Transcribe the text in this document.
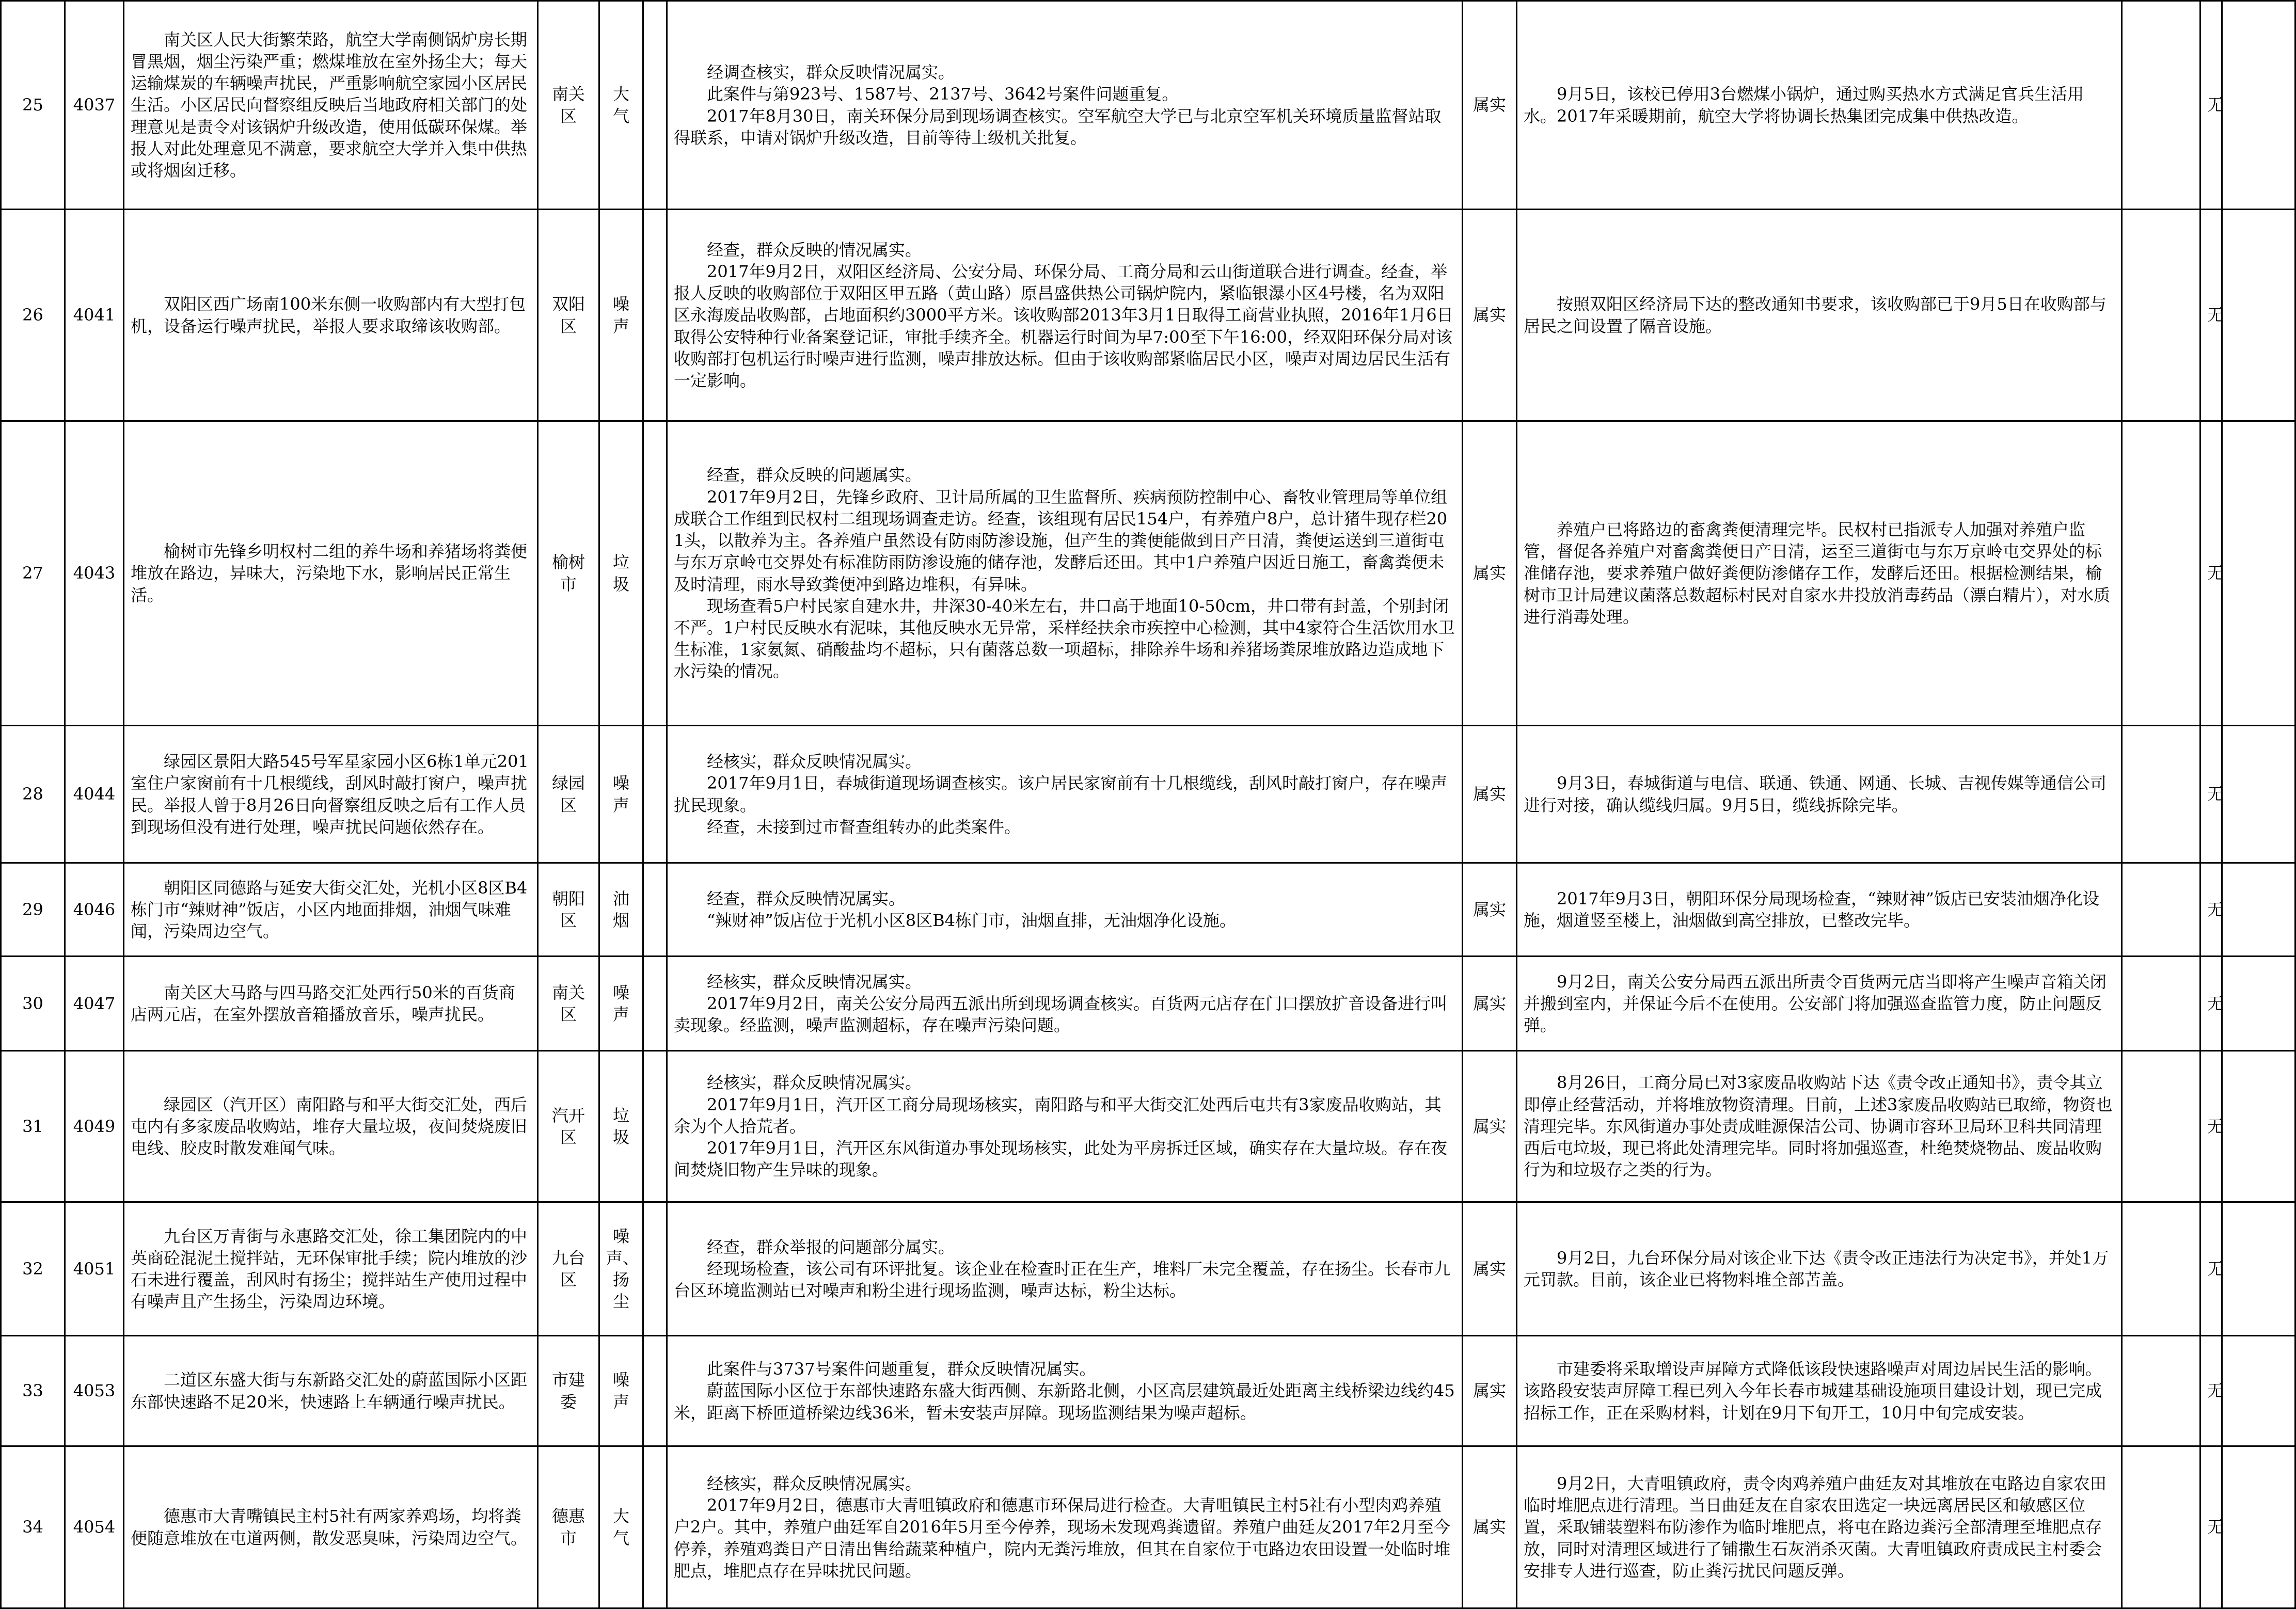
25	4037	南关区人民大街繁荣路，航空大学南侧锅炉房长期冒黑烟，烟尘污染严重；燃煤堆放在室外扬尘大；每天运输煤炭的车辆噪声扰民，严重影响航空家园小区居民生活。小区居民向督察组反映后当地政府相关部门的处理意见是责令对该锅炉升级改造，使用低碳环保煤。举报人对此处理意见不满意，要求航空大学并入集中供热或将烟囱迁移。	南关区	大气		经调查核实，群众反映情况属实。
此案件与第923号、1587号、2137号、3642号案件问题重复。
2017年8月30日，南关环保分局到现场调查核实。空军航空大学已与北京空军机关环境质量监督站取得联系，申请对锅炉升级改造，目前等待上级机关批复。	属实	9月5日，该校已停用3台燃煤小锅炉，通过购买热水方式满足官兵生活用水。2017年采暖期前，航空大学将协调长热集团完成集中供热改造。		无	
26	4041	双阳区西广场南100米东侧一收购部内有大型打包机，设备运行噪声扰民，举报人要求取缔该收购部。	双阳区	噪声		经查，群众反映的情况属实。
2017年9月2日，双阳区经济局、公安分局、环保分局、工商分局和云山街道联合进行调查。经查，举报人反映的收购部位于双阳区甲五路（黄山路）原昌盛供热公司锅炉院内，紧临银瀑小区4号楼，名为双阳区永海废品收购部，占地面积约3000平方米。该收购部2013年3月1日取得工商营业执照，2016年1月6日取得公安特种行业备案登记证，审批手续齐全。机器运行时间为早7:00至下午16:00，经双阳环保分局对该收购部打包机运行时噪声进行监测，噪声排放达标。但由于该收购部紧临居民小区，噪声对周边居民生活有一定影响。	属实	按照双阳区经济局下达的整改通知书要求，该收购部已于9月5日在收购部与居民之间设置了隔音设施。		无	
27	4043	榆树市先锋乡明权村二组的养牛场和养猪场将粪便堆放在路边，异味大，污染地下水，影响居民正常生活。	榆树市	垃圾		经查，群众反映的问题属实。
2017年9月2日，先锋乡政府、卫计局所属的卫生监督所、疾病预防控制中心、畜牧业管理局等单位组成联合工作组到民权村二组现场调查走访。经查，该组现有居民154户，有养殖户8户，总计猪牛现存栏201头，以散养为主。各养殖户虽然设有防雨防渗设施，但产生的粪便能做到日产日清，粪便运送到三道街屯与东万京岭屯交界处有标准防雨防渗设施的储存池，发酵后还田。其中1户养殖户因近日施工，畜禽粪便未及时清理，雨水导致粪便冲到路边堆积，有异味。
现场查看5户村民家自建水井，井深30-40米左右，井口高于地面10-50cm，井口带有封盖，个别封闭不严。1户村民反映水有泥味，其他反映水无异常，采样经扶余市疾控中心检测，其中4家符合生活饮用水卫生标准，1家氨氮、硝酸盐均不超标，只有菌落总数一项超标，排除养牛场和养猪场粪尿堆放路边造成地下水污染的情况。	属实	养殖户已将路边的畜禽粪便清理完毕。民权村已指派专人加强对养殖户监管，督促各养殖户对畜禽粪便日产日清，运至三道街屯与东万京岭屯交界处的标准储存池，要求养殖户做好粪便防渗储存工作，发酵后还田。根据检测结果，榆树市卫计局建议菌落总数超标村民对自家水井投放消毒药品（漂白精片），对水质进行消毒处理。		无	
28	4044	绿园区景阳大路545号军星家园小区6栋1单元201室住户家窗前有十几根缆线，刮风时敲打窗户，噪声扰民。举报人曾于8月26日向督察组反映之后有工作人员到现场但没有进行处理，噪声扰民问题依然存在。	绿园区	噪声		经核实，群众反映情况属实。
2017年9月1日，春城街道现场调查核实。该户居民家窗前有十几根缆线，刮风时敲打窗户，存在噪声扰民现象。
经查，未接到过市督查组转办的此类案件。	属实	9月3日，春城街道与电信、联通、铁通、网通、长城、吉视传媒等通信公司进行对接，确认缆线归属。9月5日，缆线拆除完毕。		无	
29	4046	朝阳区同德路与延安大街交汇处，光机小区8区B4栋门市“辣财神”饭店，小区内地面排烟，油烟气味难闻，污染周边空气。	朝阳区	油烟		经查，群众反映情况属实。
“辣财神”饭店位于光机小区8区B4栋门市，油烟直排，无油烟净化设施。	属实	2017年9月3日，朝阳环保分局现场检查，“辣财神”饭店已安装油烟净化设施，烟道竖至楼上，油烟做到高空排放，已整改完毕。		无	
30	4047	南关区大马路与四马路交汇处西行50米的百货商店两元店，在室外摆放音箱播放音乐，噪声扰民。	南关区	噪声		经核实，群众反映情况属实。
2017年9月2日，南关公安分局西五派出所到现场调查核实。百货两元店存在门口摆放扩音设备进行叫卖现象。经监测，噪声监测超标，存在噪声污染问题。	属实	9月2日，南关公安分局西五派出所责令百货两元店当即将产生噪声音箱关闭并搬到室内，并保证今后不在使用。公安部门将加强巡查监管力度，防止问题反弹。		无	
31	4049	绿园区（汽开区）南阳路与和平大街交汇处，西后屯内有多家废品收购站，堆存大量垃圾，夜间焚烧废旧电线、胶皮时散发难闻气味。	汽开区	垃圾		经核实，群众反映情况属实。
2017年9月1日，汽开区工商分局现场核实，南阳路与和平大街交汇处西后屯共有3家废品收购站，其余为个人拾荒者。
2017年9月1日，汽开区东风街道办事处现场核实，此处为平房拆迁区域，确实存在大量垃圾。存在夜间焚烧旧物产生异味的现象。	属实	8月26日，工商分局已对3家废品收购站下达《责令改正通知书》，责令其立即停止经营活动，并将堆放物资清理。目前，上述3家废品收购站已取缔，物资也清理完毕。东风街道办事处责成畦源保洁公司、协调市容环卫局环卫科共同清理西后屯垃圾，现已将此处清理完毕。同时将加强巡查，杜绝焚烧物品、废品收购行为和垃圾存之类的行为。		无	
32	4051	九台区万青街与永惠路交汇处，徐工集团院内的中英商砼混泥土搅拌站，无环保审批手续；院内堆放的沙石未进行覆盖，刮风时有扬尘；搅拌站生产使用过程中有噪声且产生扬尘，污染周边环境。	九台区	噪声、扬尘		经查，群众举报的问题部分属实。
经现场检查，该公司有环评批复。该企业在检查时正在生产，堆料厂未完全覆盖，存在扬尘。长春市九台区环境监测站已对噪声和粉尘进行现场监测，噪声达标，粉尘达标。	属实	9月2日，九台环保分局对该企业下达《责令改正违法行为决定书》，并处1万元罚款。目前，该企业已将物料堆全部苫盖。		无	
33	4053	二道区东盛大街与东新路交汇处的蔚蓝国际小区距东部快速路不足20米，快速路上车辆通行噪声扰民。	市建委	噪声		此案件与3737号案件问题重复，群众反映情况属实。
蔚蓝国际小区位于东部快速路东盛大街西侧、东新路北侧，小区高层建筑最近处距离主线桥梁边线约45米，距离下桥匝道桥梁边线36米，暂未安装声屏障。现场监测结果为噪声超标。	属实	市建委将采取增设声屏障方式降低该段快速路噪声对周边居民生活的影响。该路段安装声屏障工程已列入今年长春市城建基础设施项目建设计划，现已完成招标工作，正在采购材料，计划在9月下旬开工，10月中旬完成安装。		无	
34	4054	德惠市大青嘴镇民主村5社有两家养鸡场，均将粪便随意堆放在屯道两侧，散发恶臭味，污染周边空气。	德惠市	大气		经核实，群众反映情况属实。
2017年9月2日，德惠市大青咀镇政府和德惠市环保局进行检查。大青咀镇民主村5社有小型肉鸡养殖户2户。其中，养殖户曲廷军自2016年5月至今停养，现场未发现鸡粪遗留。养殖户曲廷友2017年2月至今停养，养殖鸡粪日产日清出售给蔬菜种植户，院内无粪污堆放，但其在自家位于屯路边农田设置一处临时堆肥点，堆肥点存在异味扰民问题。	属实	9月2日，大青咀镇政府，责令肉鸡养殖户曲廷友对其堆放在屯路边自家农田临时堆肥点进行清理。当日曲廷友在自家农田选定一块远离居民区和敏感区位置，采取铺装塑料布防渗作为临时堆肥点，将屯在路边粪污全部清理至堆肥点存放，同时对清理区域进行了铺撒生石灰消杀灭菌。大青咀镇政府责成民主村委会安排专人进行巡查，防止粪污扰民问题反弹。		无	
